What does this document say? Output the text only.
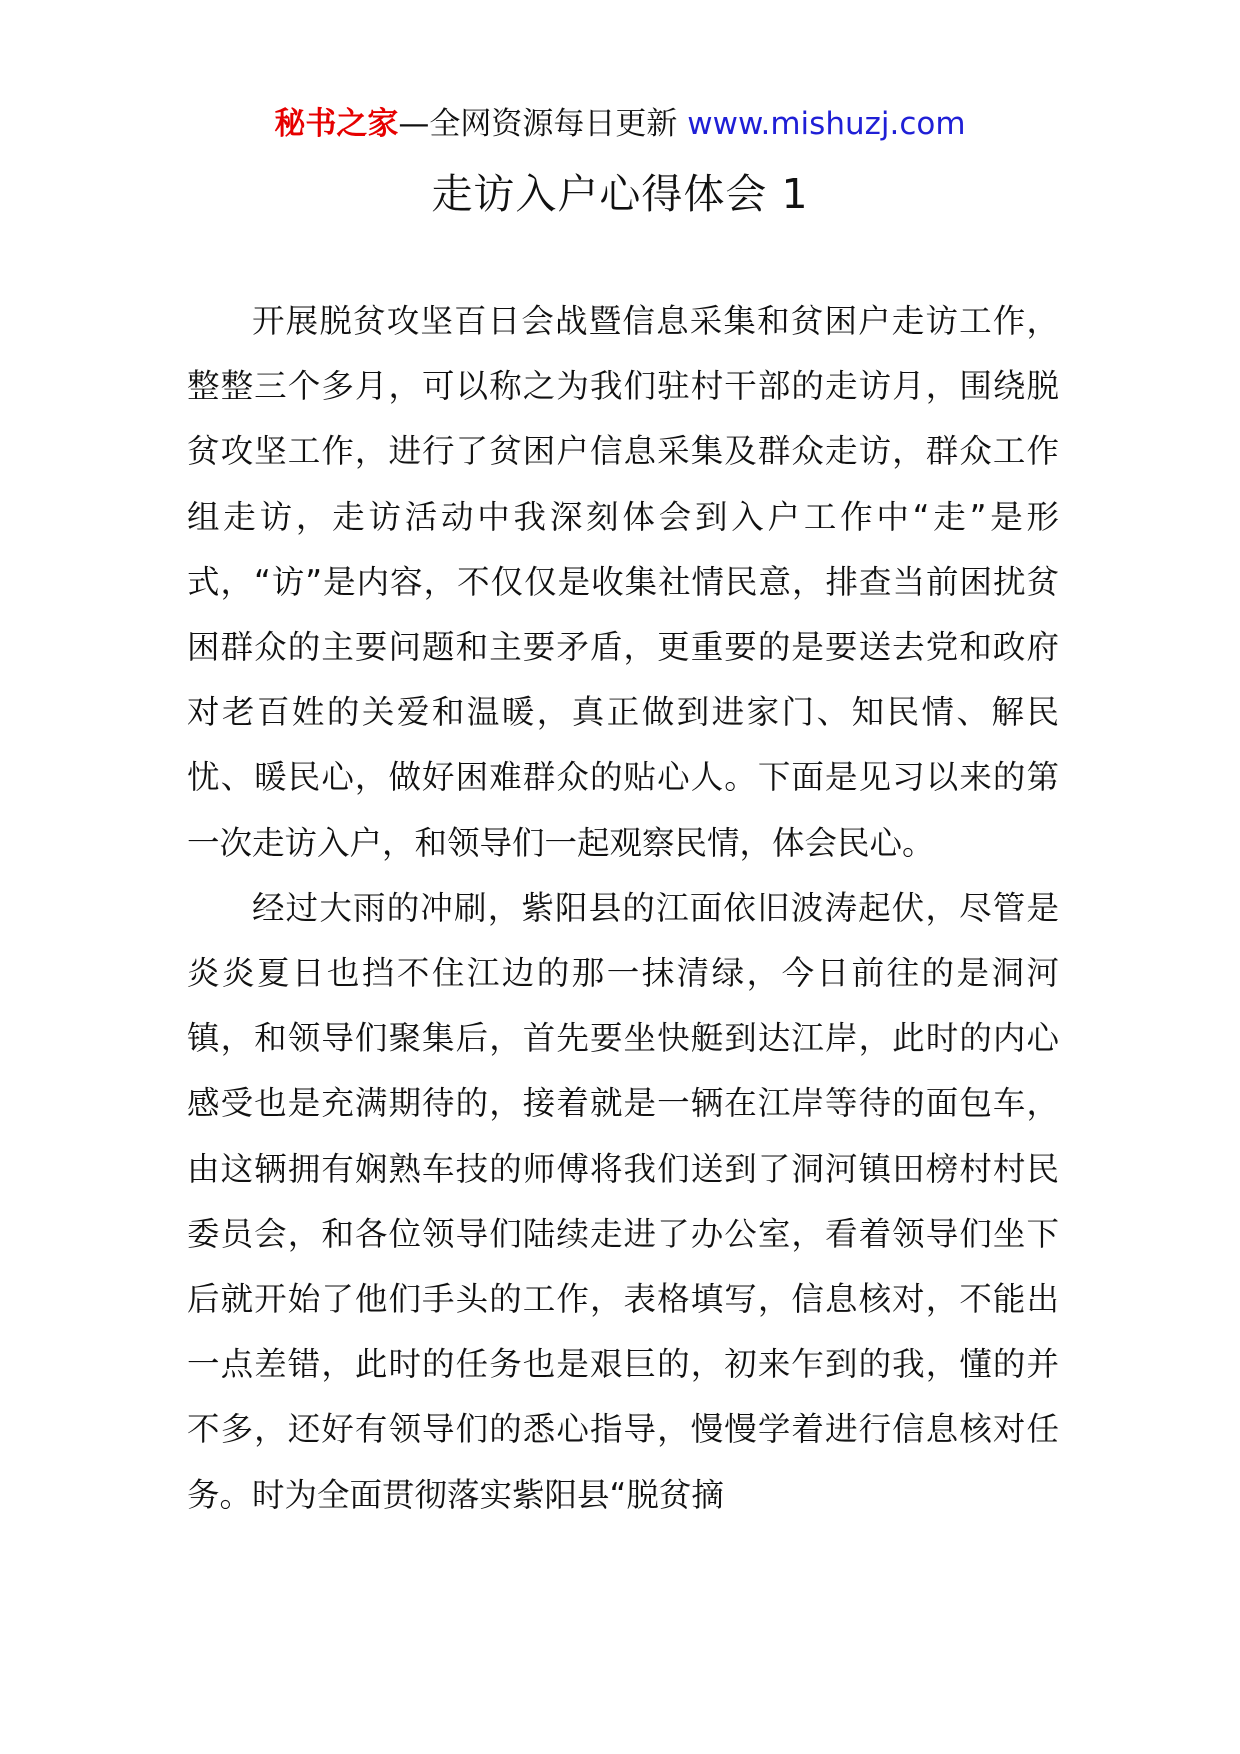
秘书之家—全网资源每日更新 www.mishuzj.com
走访入户心得体会 1

开展脱贫攻坚百日会战暨信息采集和贫困户走访工作，整整三个多月，可以称之为我们驻村干部的走访月，围绕脱贫攻坚工作，进行了贫困户信息采集及群众走访，群众工作组走访，走访活动中我深刻体会到入户工作中“走”是形式，“访”是内容，不仅仅是收集社情民意，排查当前困扰贫困群众的主要问题和主要矛盾，更重要的是要送去党和政府对老百姓的关爱和温暖，真正做到进家门、知民情、解民忧、暖民心，做好困难群众的贴心人。下面是见习以来的第一次走访入户，和领导们一起观察民情，体会民心。

经过大雨的冲刷，紫阳县的江面依旧波涛起伏，尽管是炎炎夏日也挡不住江边的那一抹清绿，今日前往的是洞河镇，和领导们聚集后，首先要坐快艇到达江岸，此时的内心感受也是充满期待的，接着就是一辆在江岸等待的面包车，由这辆拥有娴熟车技的师傅将我们送到了洞河镇田榜村村民委员会，和各位领导们陆续走进了办公室，看着领导们坐下后就开始了他们手头的工作，表格填写，信息核对，不能出一点差错，此时的任务也是艰巨的，初来乍到的我，懂的并不多，还好有领导们的悉心指导，慢慢学着进行信息核对任务。时为全面贯彻落实紫阳县“脱贫摘
